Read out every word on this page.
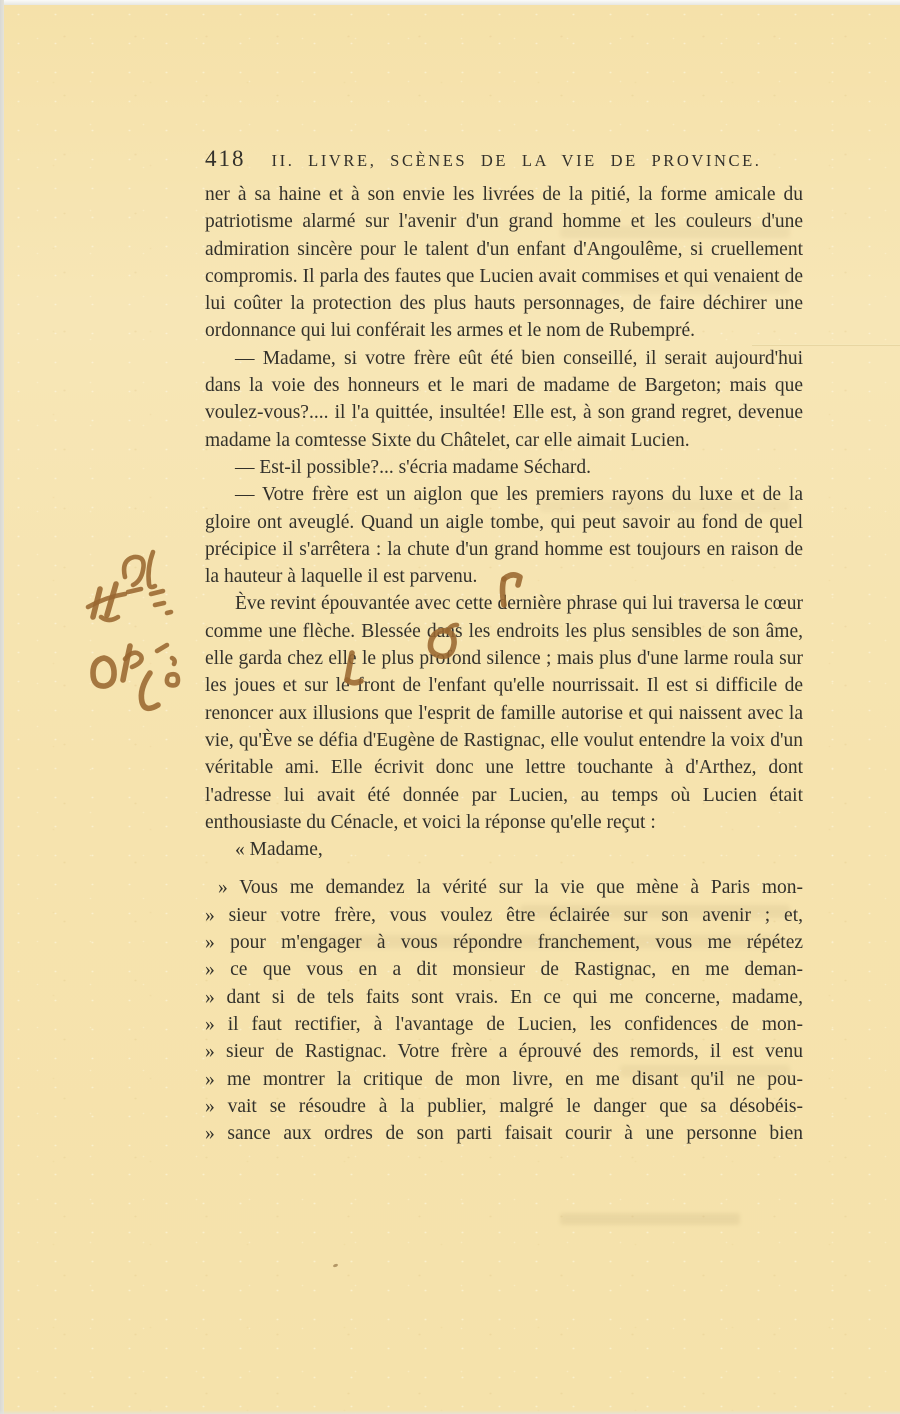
418 II. LIVRE, SCÈNES DE LA VIE DE PROVINCE.

ner à sa haine et à son envie les livrées de la pitié, la forme amicale du patriotisme alarmé sur l'avenir d'un grand homme et les couleurs d'une admiration sincère pour le talent d'un enfant d'Angoulême, si cruellement compromis. Il parla des fautes que Lucien avait commises et qui venaient de lui coûter la protection des plus hauts personnages, de faire déchirer une ordonnance qui lui conférait les armes et le nom de Rubempré.

— Madame, si votre frère eût été bien conseillé, il serait aujourd'hui dans la voie des honneurs et le mari de madame de Bargeton; mais que voulez-vous?.... il l'a quittée, insultée! Elle est, à son grand regret, devenue madame la comtesse Sixte du Châtelet, car elle aimait Lucien.

— Est-il possible?... s'écria madame Séchard.

— Votre frère est un aiglon que les premiers rayons du luxe et de la gloire ont aveuglé. Quand un aigle tombe, qui peut savoir au fond de quel précipice il s'arrêtera : la chute d'un grand homme est toujours en raison de la hauteur à laquelle il est parvenu.

Ève revint épouvantée avec cette dernière phrase qui lui traversa le cœur comme une flèche. Blessée dans les endroits les plus sensibles de son âme, elle garda chez elle le plus profond silence ; mais plus d'une larme roula sur les joues et sur le front de l'enfant qu'elle nourrissait. Il est si difficile de renoncer aux illusions que l'esprit de famille autorise et qui naissent avec la vie, qu'Ève se défia d'Eugène de Rastignac, elle voulut entendre la voix d'un véritable ami. Elle écrivit donc une lettre touchante à d'Arthez, dont l'adresse lui avait été donnée par Lucien, au temps où Lucien était enthousiaste du Cénacle, et voici la réponse qu'elle reçut :

« Madame,

» Vous me demandez la vérité sur la vie que mène à Paris mon-
» sieur votre frère, vous voulez être éclairée sur son avenir ; et,
» pour m'engager à vous répondre franchement, vous me répétez
» ce que vous en a dit monsieur de Rastignac, en me deman-
» dant si de tels faits sont vrais. En ce qui me concerne, madame,
» il faut rectifier, à l'avantage de Lucien, les confidences de mon-
» sieur de Rastignac. Votre frère a éprouvé des remords, il est venu
» me montrer la critique de mon livre, en me disant qu'il ne pou-
» vait se résoudre à la publier, malgré le danger que sa désobéis-
» sance aux ordres de son parti faisait courir à une personne bien
